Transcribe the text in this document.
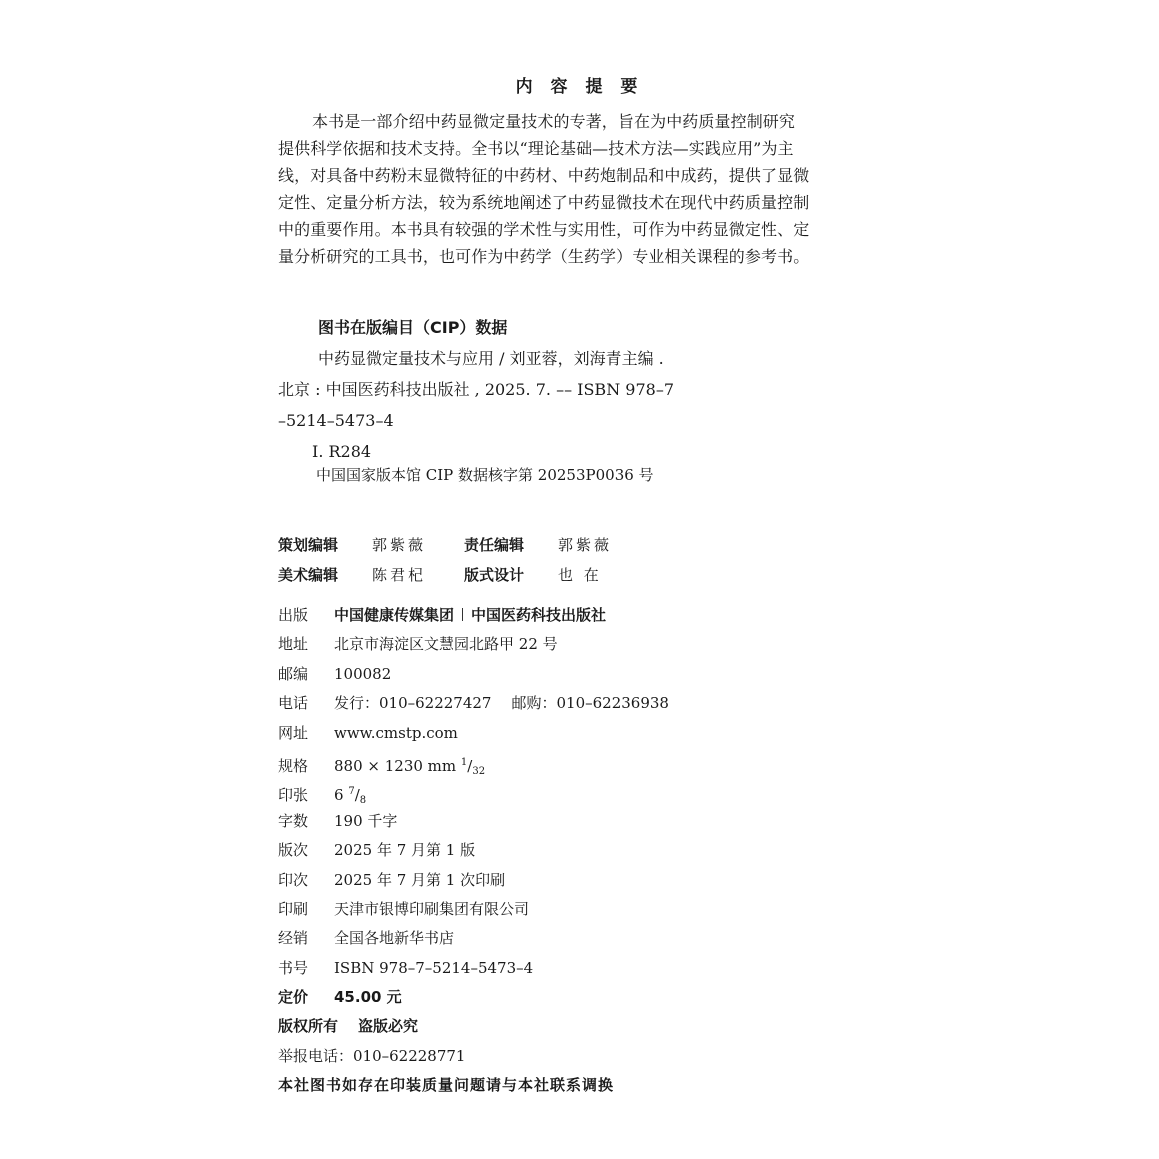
内 容 提 要
本书是一部介绍中药显微定量技术的专著，旨在为中药质量控制研究
提供科学依据和技术支持。全书以“理论基础—技术方法—实践应用”为主
线，对具备中药粉末显微特征的中药材、中药炮制品和中成药，提供了显微
定性、定量分析方法，较为系统地阐述了中药显微技术在现代中药质量控制
中的重要作用。本书具有较强的学术性与实用性，可作为中药显微定性、定
量分析研究的工具书，也可作为中药学（生药学）专业相关课程的参考书。
图书在版编目（CIP）数据
中药显微定量技术与应用 / 刘亚蓉，刘海青主编 .
北京 : 中国医药科技出版社 , 2025. 7. –– ISBN 978–7
–5214–5473–4
Ⅰ. R284
中国国家版本馆 CIP 数据核字第 20253P0036 号
策划编辑 郭紫薇	责任编辑 郭紫薇
美术编辑 陈君杞	版式设计 也 在
出版 中国健康传媒集团 中国医药科技出版社
地址 北京市海淀区文慧园北路甲 22 号
邮编 100082
电话 发行：010–62227427 邮购：010–62236938
网址 www.cmstp.com
规格 880 × 1230 mm $^1/_{32}$
印张 6 $^7/_8$
字数 190 千字
版次 2025 年 7 月第 1 版
印次 2025 年 7 月第 1 次印刷
印刷 天津市银博印刷集团有限公司
经销 全国各地新华书店
书号 ISBN 978–7–5214–5473–4
定价 45.00 元
版权所有 盗版必究
举报电话：010–62228771
本社图书如存在印装质量问题请与本社联系调换
